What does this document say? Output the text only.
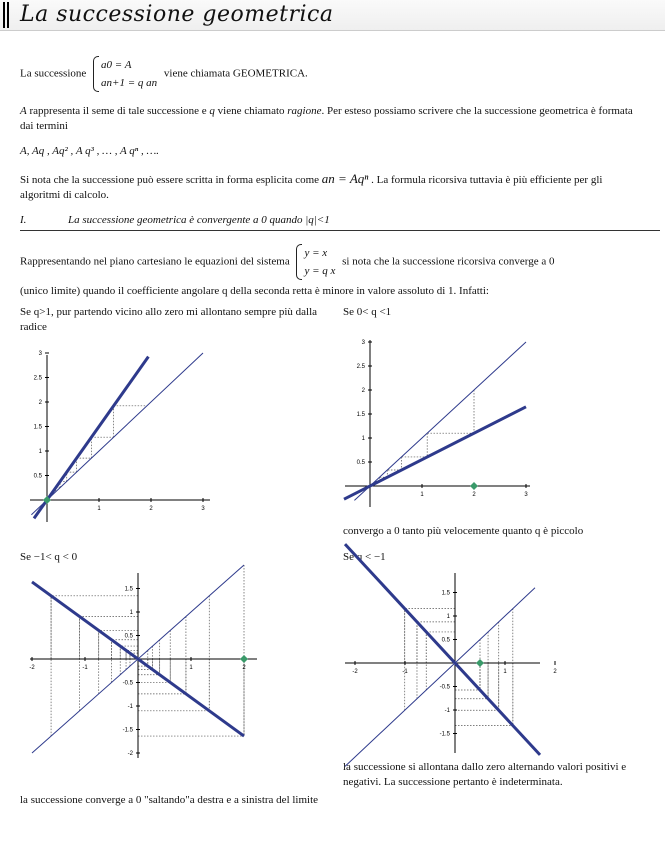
La successione geometrica
La successione
a0 = A
an+1 = q an
viene chiamata GEOMETRICA.
A rappresenta il seme di tale successione e q viene chiamato ragione. Per esteso possiamo scrivere che la successione geometrica è formata dai termini
A, Aq , Aq² , A q³ , … , A qⁿ , ….
Si nota che la successione può essere scritta in forma esplicita come an = Aqⁿ . La formula ricorsiva tuttavia è più efficiente per gli algoritmi di calcolo.
I.	La successione geometrica è convergente a 0 quando |q|<1
Rappresentando nel piano cartesiano le equazioni del sistema
y = x
y = q x
si nota che la successione ricorsiva converge a 0
(unico limite) quando il coefficiente angolare q della seconda retta è minore in valore assoluto di 1. Infatti:
Se q>1, pur partendo vicino allo zero mi allontano sempre più dalla radice
Se 0< q <1
convergo a 0 tanto più velocemente quanto q è piccolo
Se −1< q < 0
la successione converge a 0 "saltando"a destra e a sinistra del limite
Se q < −1
la successione si allontana dallo zero alternando valori positivi e negativi. La successione pertanto è indeterminata.
1	2	3
0.5
1
1.5
2
2.5
3
1	2	3
0.5
1
1.5
2
2.5
3
-2	-1	1	2
-2
-1.5
-1
-0.5
0.5
1
1.5
-2	-1	1	2
-1.5
-1
-0.5
0.5
1
1.5
